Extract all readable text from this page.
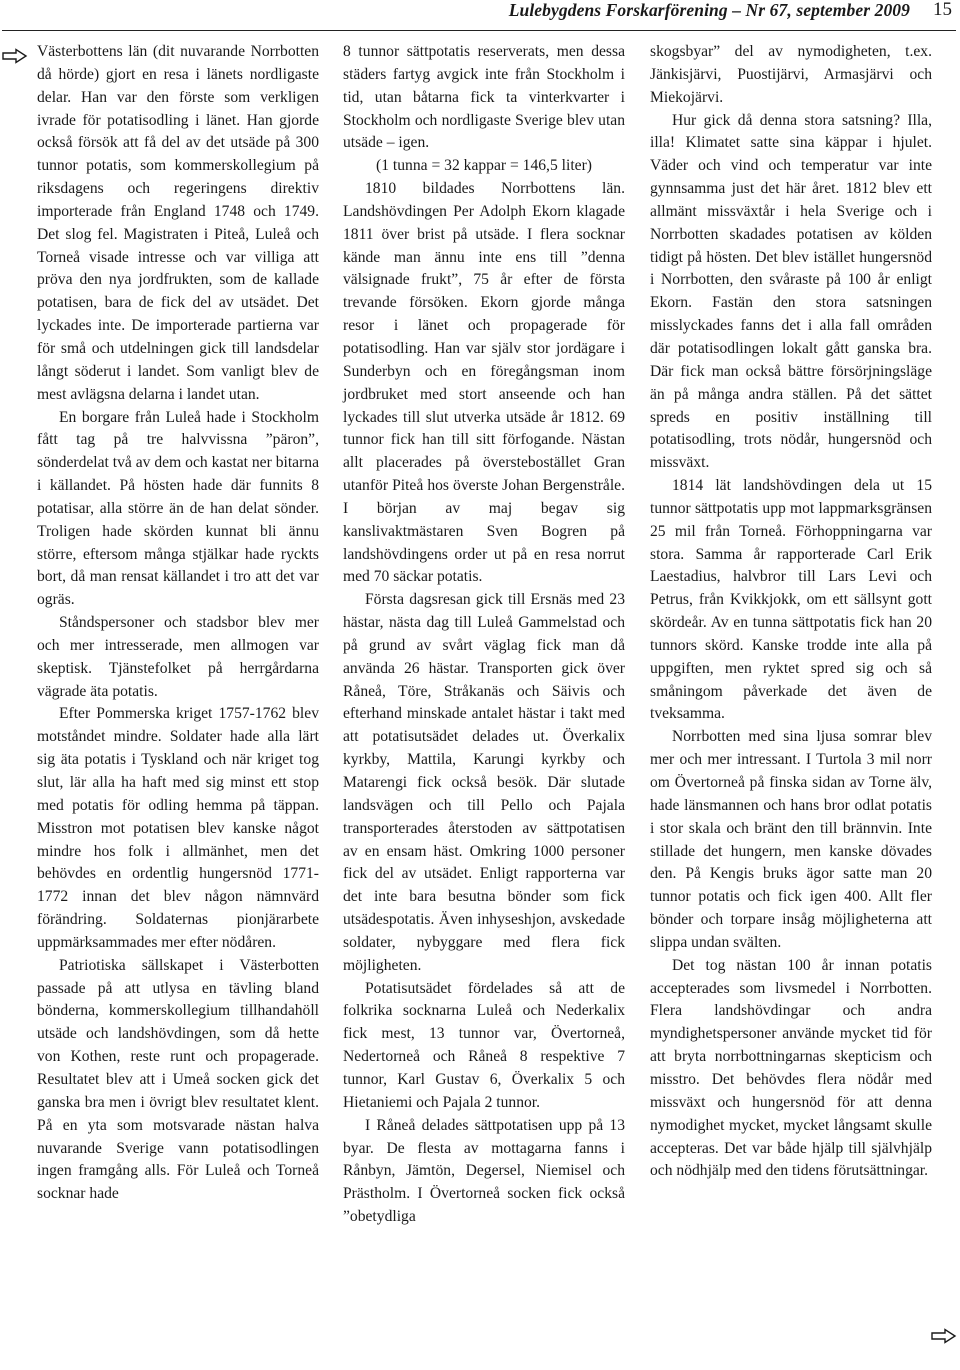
Lulebygdens Forskarförening – Nr 67, september 2009 15

Västerbottens län (dit nuvarande Norrbotten då hörde) gjort en resa i länets nordligaste delar. Han var den förste som verkligen ivrade för potatisodling i länet. Han gjorde också försök att få del av det utsäde på 300 tunnor potatis, som kommerskollegium på riksdagens och regeringens direktiv importerade från England 1748 och 1749. Det slog fel. Magistraten i Piteå, Luleå och Torneå visade intresse och var villiga att pröva den nya jordfrukten, som de kallade potatisen, bara de fick del av utsädet. Det lyckades inte. De importerade partierna var för små och utdelningen gick till landsdelar långt söderut i landet. Som vanligt blev de mest avlägsna delarna i landet utan.

En borgare från Luleå hade i Stockholm fått tag på tre halvvissna ”päron”, sönderdelat två av dem och kastat ner bitarna i källandet. På hösten hade där funnits 8 potatisar, alla större än de han delat sönder. Troligen hade skörden kunnat bli ännu större, eftersom många stjälkar hade ryckts bort, då man rensat källandet i tro att det var ogräs.

Ståndspersoner och stadsbor blev mer och mer intresserade, men allmogen var skeptisk. Tjänstefolket på herrgårdarna vägrade äta potatis.

Efter Pommerska kriget 1757-1762 blev motståndet mindre. Soldater hade alla lärt sig äta potatis i Tyskland och när kriget tog slut, lär alla ha haft med sig minst ett stop med potatis för odling hemma på täppan. Misstron mot potatisen blev kanske något mindre hos folk i allmänhet, men det behövdes en ordentlig hungersnöd 1771-1772 innan det blev någon nämnvärd förändring. Soldaternas pionjärarbete uppmärksammades mer efter nödåren.

Patriotiska sällskapet i Västerbotten passade på att utlysa en tävling bland bönderna, kommerskollegium tillhandahöll utsäde och landshövdingen, som då hette von Kothen, reste runt och propagerade. Resultatet blev att i Umeå socken gick det ganska bra men i övrigt blev resultatet klent. På en yta som motsvarade nästan halva nuvarande Sverige vann potatisodlingen ingen framgång alls. För Luleå och Torneå socknar hade

8 tunnor sättpotatis reserverats, men dessa städers fartyg avgick inte från Stockholm i tid, utan båtarna fick ta vinterkvarter i Stockholm och nordligaste Sverige blev utan utsäde – igen.

(1 tunna = 32 kappar = 146,5 liter)

1810 bildades Norrbottens län. Landshövdingen Per Adolph Ekorn klagade 1811 över brist på utsäde. I flera socknar kände man ännu inte ens till ”denna välsignade frukt”, 75 år efter de första trevande försöken. Ekorn gjorde många resor i länet och propagerade för potatisodling. Han var själv stor jordägare i Sunderbyn och en föregångsman inom jordbruket med stort anseende och han lyckades till slut utverka utsäde år 1812. 69 tunnor fick han till sitt förfogande. Nästan allt placerades på överstebostället Gran utanför Piteå hos överste Johan Bergenstråle. I början av maj begav sig kanslivaktmästaren Sven Bogren på landshövdingens order ut på en resa norrut med 70 säckar potatis.

Första dagsresan gick till Ersnäs med 23 hästar, nästa dag till Luleå Gammelstad och på grund av svårt väglag fick man då använda 26 hästar. Transporten gick över Råneå, Töre, Stråkanäs och Säivis och efterhand minskade antalet hästar i takt med att potatisutsädet delades ut. Överkalix kyrkby, Mattila, Karungi kyrkby och Matarengi fick också besök. Där slutade landsvägen och till Pello och Pajala transporterades återstoden av sättpotatisen av en ensam häst. Omkring 1000 personer fick del av utsädet. Enligt rapporterna var det inte bara besutna bönder som fick utsädespotatis. Även inhyseshjon, avskedade soldater, nybyggare med flera fick möjligheten.

Potatisutsädet fördelades så att de folkrika socknarna Luleå och Nederkalix fick mest, 13 tunnor var, Övertorneå, Nedertorneå och Råneå 8 respektive 7 tunnor, Karl Gustav 6, Överkalix 5 och Hietaniemi och Pajala 2 tunnor.

I Råneå delades sättpotatisen upp på 13 byar. De flesta av mottagarna fanns i Rånbyn, Jämtön, Degersel, Niemisel och Prästholm. I Övertorneå socken fick också ”obetydliga

skogsbyar” del av nymodigheten, t.ex. Jänkisjärvi, Puostijärvi, Armasjärvi och Miekojärvi.

Hur gick då denna stora satsning? Illa, illa! Klimatet satte sina käppar i hjulet. Väder och vind och temperatur var inte gynnsamma just det här året. 1812 blev ett allmänt missväxtår i hela Sverige och i Norrbotten skadades potatisen av kölden tidigt på hösten. Det blev istället hungersnöd i Norrbotten, den svåraste på 100 år enligt Ekorn. Fastän den stora satsningen misslyckades fanns det i alla fall områden där potatisodlingen lokalt gått ganska bra. Där fick man också bättre försörjningsläge än på många andra ställen. På det sättet spreds en positiv inställning till potatisodling, trots nödår, hungersnöd och missväxt.

1814 lät landshövdingen dela ut 15 tunnor sättpotatis upp mot lappmarksgränsen 25 mil från Torneå. Förhoppningarna var stora. Samma år rapporterade Carl Erik Laestadius, halvbror till Lars Levi och Petrus, från Kvikkjokk, om ett sällsynt gott skördeår. Av en tunna sättpotatis fick han 20 tunnors skörd. Kanske trodde inte alla på uppgiften, men ryktet spred sig och så småningom påverkade det även de tveksamma.

Norrbotten med sina ljusa somrar blev mer och mer intressant. I Turtola 3 mil norr om Övertorneå på finska sidan av Torne älv, hade länsmannen och hans bror odlat potatis i stor skala och bränt den till brännvin. Inte stillade det hungern, men kanske dövades den. På Kengis bruks ägor satte man 20 tunnor potatis och fick igen 400. Allt fler bönder och torpare insåg möjligheterna att slippa undan svälten.

Det tog nästan 100 år innan potatis accepterades som livsmedel i Norrbotten. Flera landshövdingar och andra myndighetspersoner använde mycket tid för att bryta norrbottningarnas skepticism och misstro. Det behövdes flera nödår med missväxt och hungersnöd för att denna nymodighet mycket, mycket långsamt skulle accepteras. Det var både hjälp till självhjälp och nödhjälp med den tidens förutsättningar.
